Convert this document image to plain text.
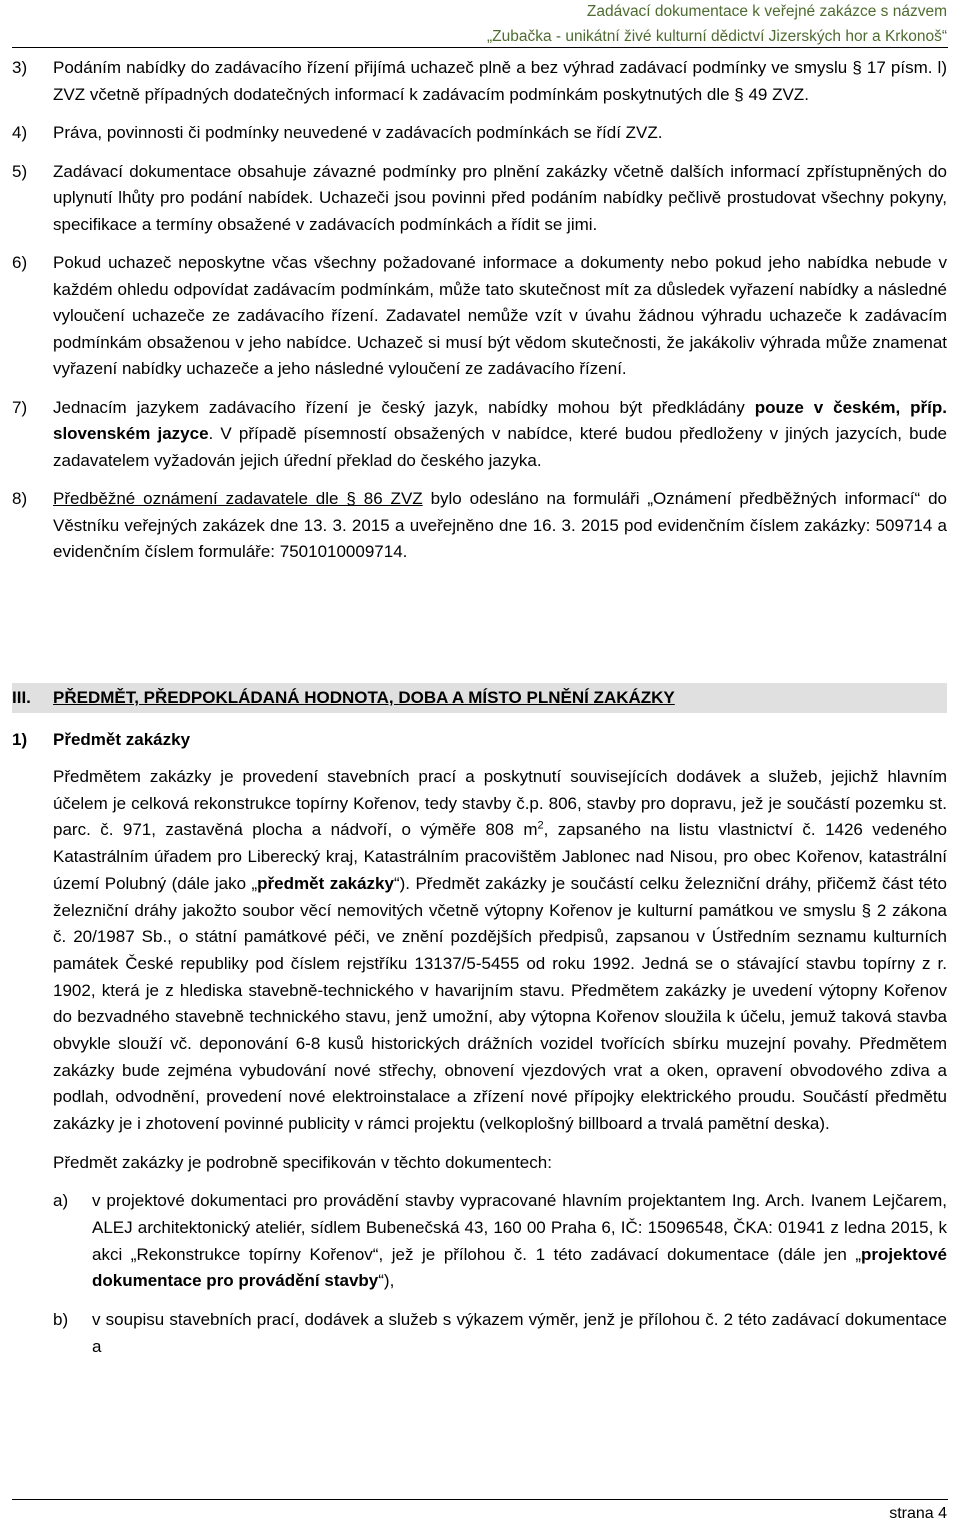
Zadávací dokumentace k veřejné zakázce s názvem
„Zubačka - unikátní živé kulturní dědictví Jizerských hor a Krkonoš“
3)	Podáním nabídky do zadávacího řízení přijímá uchazeč plně a bez výhrad zadávací podmínky ve smyslu § 17 písm. l) ZVZ včetně případných dodatečných informací k zadávacím podmínkám poskytnutých dle § 49 ZVZ.
4)	Práva, povinnosti či podmínky neuvedené v zadávacích podmínkách se řídí ZVZ.
5)	Zadávací dokumentace obsahuje závazné podmínky pro plnění zakázky včetně dalších informací zpřístupněných do uplynutí lhůty pro podání nabídek. Uchazeči jsou povinni před podáním nabídky pečlivě prostudovat všechny pokyny, specifikace a termíny obsažené v zadávacích podmínkách a řídit se jimi.
6)	Pokud uchazeč neposkytne včas všechny požadované informace a dokumenty nebo pokud jeho nabídka nebude v každém ohledu odpovídat zadávacím podmínkám, může tato skutečnost mít za důsledek vyřazení nabídky a následné vyloučení uchazeče ze zadávacího řízení. Zadavatel nemůže vzít v úvahu žádnou výhradu uchazeče k zadávacím podmínkám obsaženou v jeho nabídce. Uchazeč si musí být vědom skutečnosti, že jakákoliv výhrada může znamenat vyřazení nabídky uchazeče a jeho následné vyloučení ze zadávacího řízení.
7)	Jednacím jazykem zadávacího řízení je český jazyk, nabídky mohou být předkládány pouze v českém, příp. slovenském jazyce. V případě písemností obsažených v nabídce, které budou předloženy v jiných jazycích, bude zadavatelem vyžadován jejich úřední překlad do českého jazyka.
8)	Předběžné oznámení zadavatele dle § 86 ZVZ bylo odesláno na formuláři „Oznámení předběžných informací“ do Věstníku veřejných zakázek dne 13. 3. 2015 a uveřejněno dne 16. 3. 2015 pod evidenčním číslem zakázky: 509714 a evidenčním číslem formuláře: 7501010009714.
III.	PŘEDMĚT, PŘEDPOKLÁDANÁ HODNOTA, DOBA A MÍSTO PLNĚNÍ ZAKÁZKY
1)	Předmět zakázky

Předmětem zakázky je provedení stavebních prací a poskytnutí souvisejících dodávek a služeb, jejichž hlavním účelem je celková rekonstrukce topírny Kořenov, tedy stavby č.p. 806, stavby pro dopravu, jež je součástí pozemku st. parc. č. 971, zastavěná plocha a nádvoří, o výměře 808 $m^2$, zapsaného na listu vlastnictví č. 1426 vedeného Katastrálním úřadem pro Liberecký kraj, Katastrálním pracovištěm Jablonec nad Nisou, pro obec Kořenov, katastrální území Polubný (dále jako „předmět zakázky“). Předmět zakázky je součástí celku železniční dráhy, přičemž část této železniční dráhy jakožto soubor věcí nemovitých včetně výtopny Kořenov je kulturní památkou ve smyslu § 2 zákona č. 20/1987 Sb., o státní památkové péči, ve znění pozdějších předpisů, zapsanou v Ústředním seznamu kulturních památek České republiky pod číslem rejstříku 13137/5-5455 od roku 1992. Jedná se o stávající stavbu topírny z r. 1902, která je z hlediska stavebně-technického v havarijním stavu. Předmětem zakázky je uvedení výtopny Kořenov do bezvadného stavebně technického stavu, jenž umožní, aby výtopna Kořenov sloužila k účelu, jemuž taková stavba obvykle slouží vč. deponování 6-8 kusů historických drážních vozidel tvořících sbírku muzejní povahy. Předmětem zakázky bude zejména vybudování nové střechy, obnovení vjezdových vrat a oken, opravení obvodového zdiva a podlah, odvodnění, provedení nové elektroinstalace a zřízení nové přípojky elektrického proudu. Součástí předmětu zakázky je i zhotovení povinné publicity v rámci projektu (velkoplošný billboard a trvalá pamětní deska).

Předmět zakázky je podrobně specifikován v těchto dokumentech:

a)	v projektové dokumentaci pro provádění stavby vypracované hlavním projektantem Ing. Arch. Ivanem Lejčarem, ALEJ architektonický ateliér, sídlem Bubenečská 43, 160 00 Praha 6, IČ: 15096548, ČKA: 01941 z ledna 2015, k akci „Rekonstrukce topírny Kořenov“, jež je přílohou č. 1 této zadávací dokumentace (dále jen „projektové dokumentace pro provádění stavby“),
b)	v soupisu stavebních prací, dodávek a služeb s výkazem výměr, jenž je přílohou č. 2 této zadávací dokumentace a
strana 4
